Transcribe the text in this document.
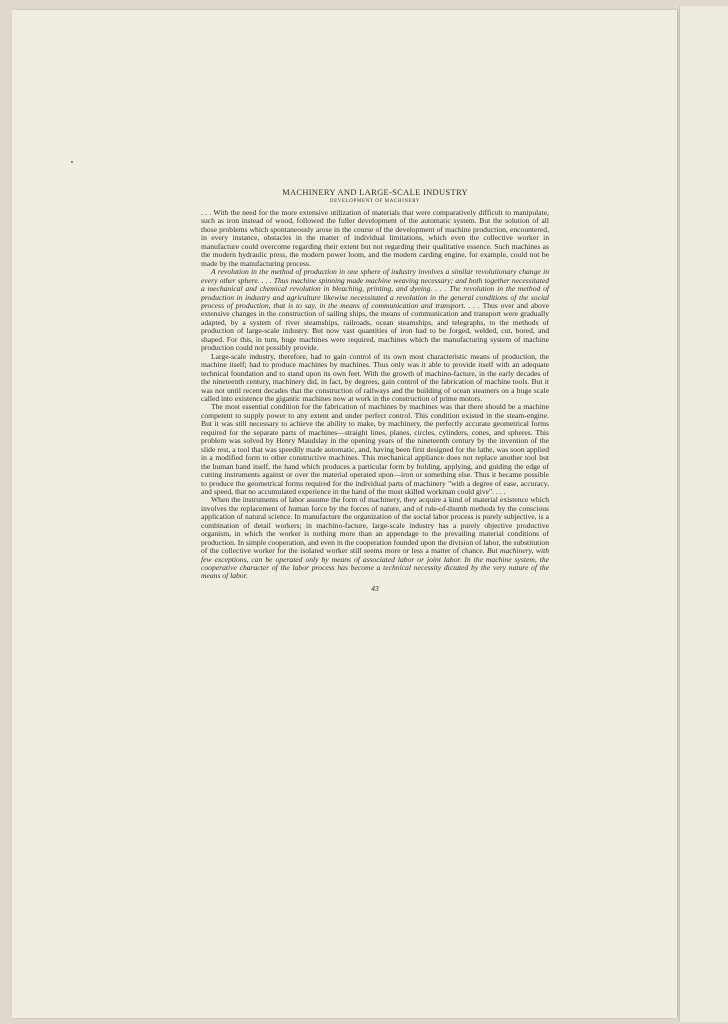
MACHINERY AND LARGE-SCALE INDUSTRY
DEVELOPMENT OF MACHINERY

. . . With the need for the more extensive utilization of materials that were comparatively difficult to manipulate, such as iron instead of wood, followed the fuller development of the automatic system. But the solution of all those problems which spontaneously arose in the course of the development of machine production, encountered, in every instance, obstacles in the matter of individual limitations, which even the collective worker in manufacture could overcome regarding their extent but not regarding their qualitative essence. Such machines as the modern hydraulic press, the modern power loom, and the modern carding engine, for example, could not be made by the manufacturing process.

A revolution in the method of production in one sphere of industry involves a similar revolutionary change in every other sphere. . . . Thus machine spinning made machine weaving necessary; and both together necessitated a mechanical and chemical revolution in bleaching, printing, and dyeing. . . . The revolution in the method of production in industry and agriculture likewise necessitated a revolution in the general conditions of the social process of production, that is to say, in the means of communication and transport. . . . Thus over and above extensive changes in the construction of sailing ships, the means of communication and transport were gradually adapted, by a system of river steamships, railroads, ocean steamships, and telegraphs, to the methods of production of large-scale industry. But now vast quantities of iron had to be forged, welded, cut, bored, and shaped. For this, in turn, huge machines were required, machines which the manufacturing system of machine production could not possibly provide.

Large-scale industry, therefore, had to gain control of its own most characteristic means of production, the machine itself; had to produce machines by machines. Thus only was it able to provide itself with an adequate technical foundation and to stand upon its own feet. With the growth of machino-facture, in the early decades of the nineteenth century, machinery did, in fact, by degrees, gain control of the fabrication of machine tools. But it was not until recent decades that the construction of railways and the building of ocean steamers on a huge scale called into existence the gigantic machines now at work in the construction of prime motors.

The most essential condition for the fabrication of machines by machines was that there should be a machine competent to supply power to any extent and under perfect control. This condition existed in the steam-engine. But it was still necessary to achieve the ability to make, by machinery, the perfectly accurate geometrical forms required for the separate parts of machines—straight lines, planes, circles, cylinders, cones, and spheres. This problem was solved by Henry Maudslay in the opening years of the nineteenth century by the invention of the slide rest, a tool that was speedily made automatic, and, having been first designed for the lathe, was soon applied in a modified form to other constructive machines. This mechanical appliance does not replace another tool but the human hand itself, the hand which produces a particular form by holding, applying, and guiding the edge of cutting instruments against or over the material operated upon—iron or something else. Thus it became possible to produce the geometrical forms required for the individual parts of machinery "with a degree of ease, accuracy, and speed, that no accumulated experience in the hand of the most skilled workman could give". . . .

When the instruments of labor assume the form of machinery, they acquire a kind of material existence which involves the replacement of human force by the forces of nature, and of rule-of-thumb methods by the conscious application of natural science. In manufacture the organization of the social labor process is purely subjective, is a combination of detail workers; in machino-facture, large-scale industry has a purely objective productive organism, in which the worker is nothing more than an appendage to the prevailing material conditions of production. In simple cooperation, and even in the cooperation founded upon the division of labor, the substitution of the collective worker for the isolated worker still seems more or less a matter of chance. But machinery, with few exceptions, can be operated only by means of associated labor or joint labor. In the machine system, the cooperative character of the labor process has become a technical necessity dictated by the very nature of the means of labor.

43
